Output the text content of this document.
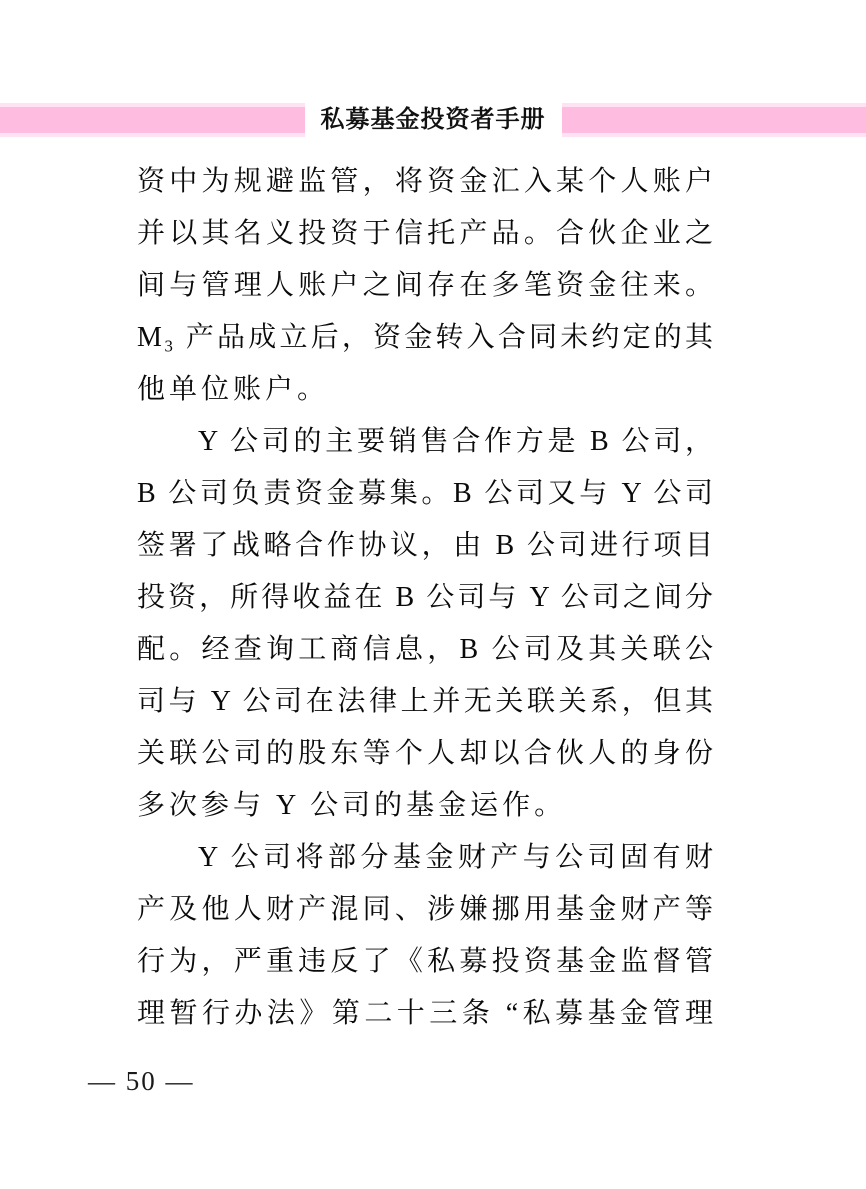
私募基金投资者手册
资中为规避监管，将资金汇入某个人账户
并以其名义投资于信托产品。合伙企业之
间与管理人账户之间存在多笔资金往来。
M₃ 产品成立后，资金转入合同未约定的其
他单位账户。
Y 公司的主要销售合作方是 B 公司，
B 公司负责资金募集。B 公司又与 Y 公司
签署了战略合作协议，由 B 公司进行项目
投资，所得收益在 B 公司与 Y 公司之间分
配。经查询工商信息，B 公司及其关联公
司与 Y 公司在法律上并无关联关系，但其
关联公司的股东等个人却以合伙人的身份
多次参与 Y 公司的基金运作。
Y 公司将部分基金财产与公司固有财
产及他人财产混同、涉嫌挪用基金财产等
行为，严重违反了《私募投资基金监督管
理暂行办法》第二十三条 “私募基金管理
— 50 —
